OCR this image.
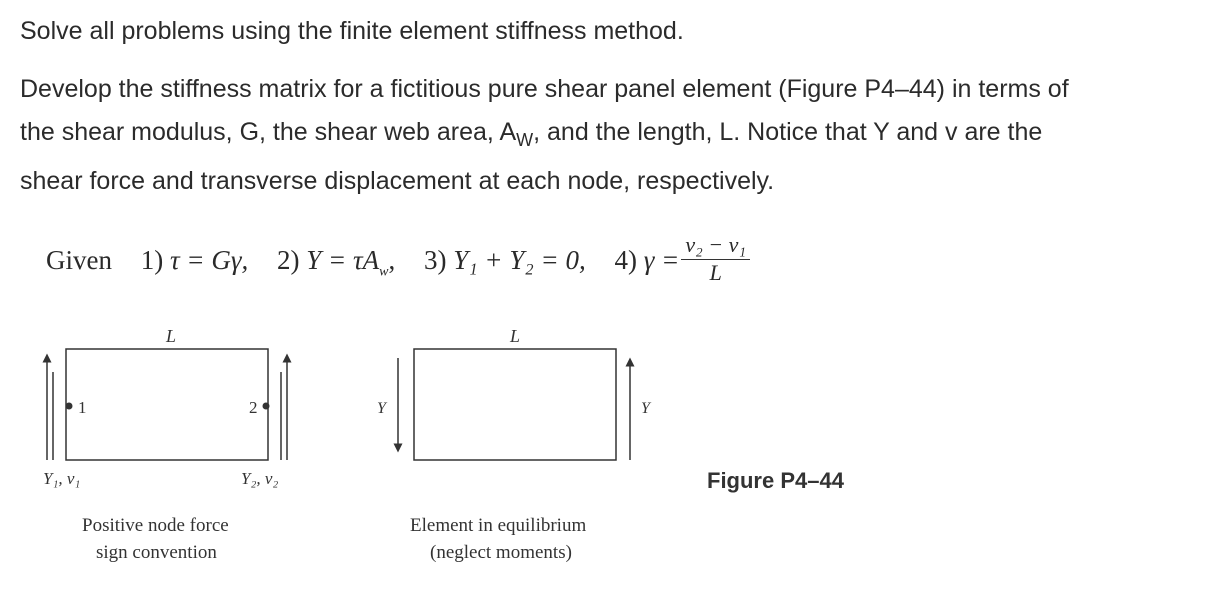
Solve all problems using the finite element stiffness method.

Develop the stiffness matrix for a fictitious pure shear panel element (Figure P4–44) in terms of

the shear modulus, G, the shear web area, $A_W$, and the length, L. Notice that Y and v are the

shear force and transverse displacement at each node, respectively.

Given 1) τ = Gγ, 2) $Y = \tau A_w$, 3) Y₁ + Y₂ = 0, 4) $\gamma = \frac{\text{v₂ − v₁}}{L}$
L
1	2
Y₁, v₁	Y₂, v₂
Positive node force
sign convention
L
Y	Y
Element in equilibrium
(neglect moments)
Figure P4–44
